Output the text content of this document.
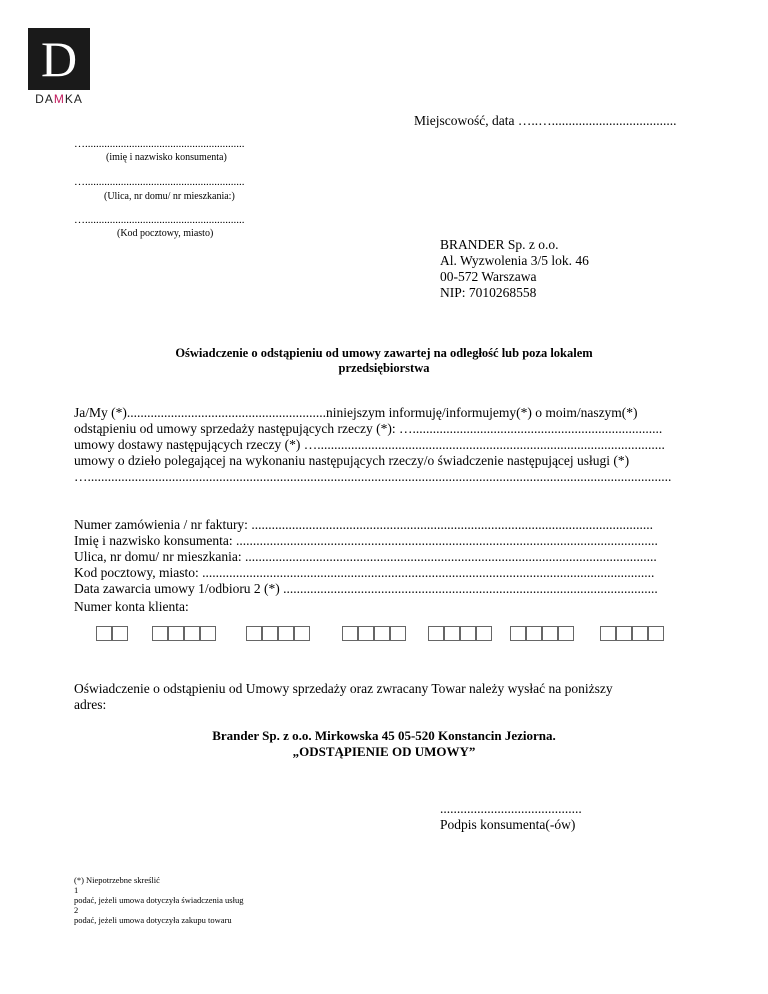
D
DAMKA
Miejscowość, data …..….....................................
…..........................................................
(imię i nazwisko konsumenta)
…..........................................................
(Ulica, nr domu/ nr mieszkania:)
…..........................................................
(Kod pocztowy, miasto)
BRANDER Sp. z o.o.
Al. Wyzwolenia 3/5 lok. 46
00-572 Warszawa
NIP: 7010268558
Oświadczenie o odstąpieniu od umowy zawartej na odległość lub poza lokalem
przedsiębiorstwa
Ja/My (*)...........................................................niniejszym informuję/informujemy(*) o moim/naszym(*)
odstąpieniu od umowy sprzedaży następujących rzeczy (*): …..........................................................................
umowy dostawy następujących rzeczy (*) ….......................................................................................................
umowy o dzieło polegającej na wykonaniu następujących rzeczy/o świadczenie następującej usługi (*)
….............................................................................................................................................................................
Numer zamówienia / nr faktury: .......................................................................................................................
Imię i nazwisko konsumenta: .............................................................................................................................
Ulica, nr domu/ nr mieszkania: ..........................................................................................................................
Kod pocztowy, miasto: ......................................................................................................................................
Data zawarcia umowy 1/odbioru 2 (*) ...............................................................................................................
Numer konta klienta:
Oświadczenie o odstąpieniu od Umowy sprzedaży oraz zwracany Towar należy wysłać na poniższy
adres:
Brander Sp. z o.o. Mirkowska 45 05-520 Konstancin Jeziorna.
„ODSTĄPIENIE OD UMOWY”
..........................................
Podpis konsumenta(-ów)
(*) Niepotrzebne skreślić
1
podać, jeżeli umowa dotyczyła świadczenia usług
2
podać, jeżeli umowa dotyczyła zakupu towaru
